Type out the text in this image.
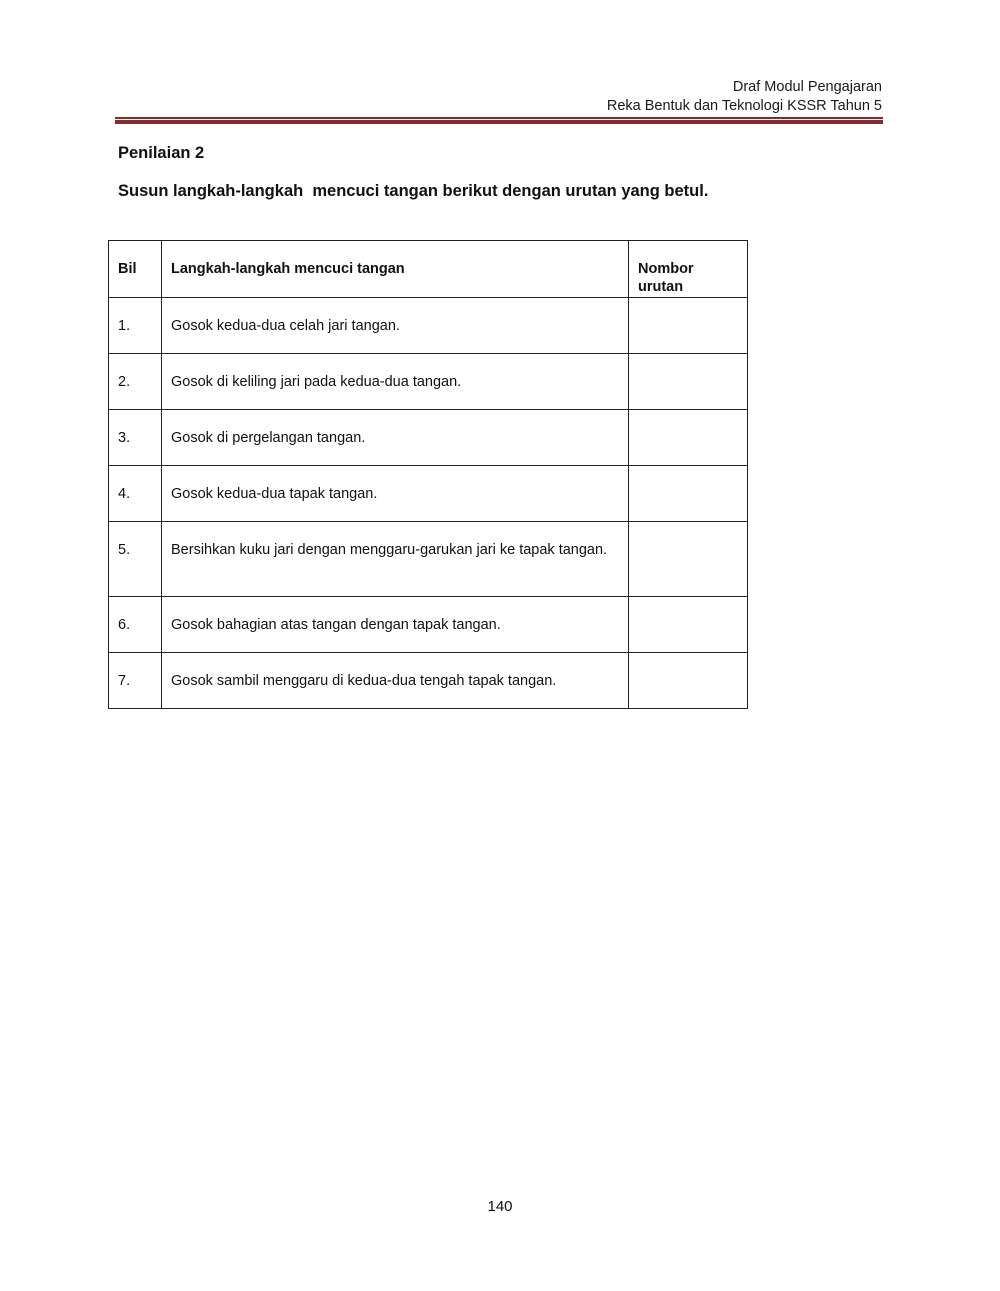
Draf Modul Pengajaran
Reka Bentuk dan Teknologi KSSR Tahun 5
Penilaian 2

Susun langkah-langkah  mencuci tangan berikut dengan urutan yang betul.

Bil	Langkah-langkah mencuci tangan	Nombor
urutan

1.	Gosok kedua-dua celah jari tangan.	

2.	Gosok di keliling jari pada kedua-dua tangan.	

3.	Gosok di pergelangan tangan.	

4.	Gosok kedua-dua tapak tangan.	

5.	Bersihkan kuku jari dengan menggaru-garukan jari ke tapak tangan.	

6.	Gosok bahagian atas tangan dengan tapak tangan.	

7.	Gosok sambil menggaru di kedua-dua tengah tapak tangan.	

140
